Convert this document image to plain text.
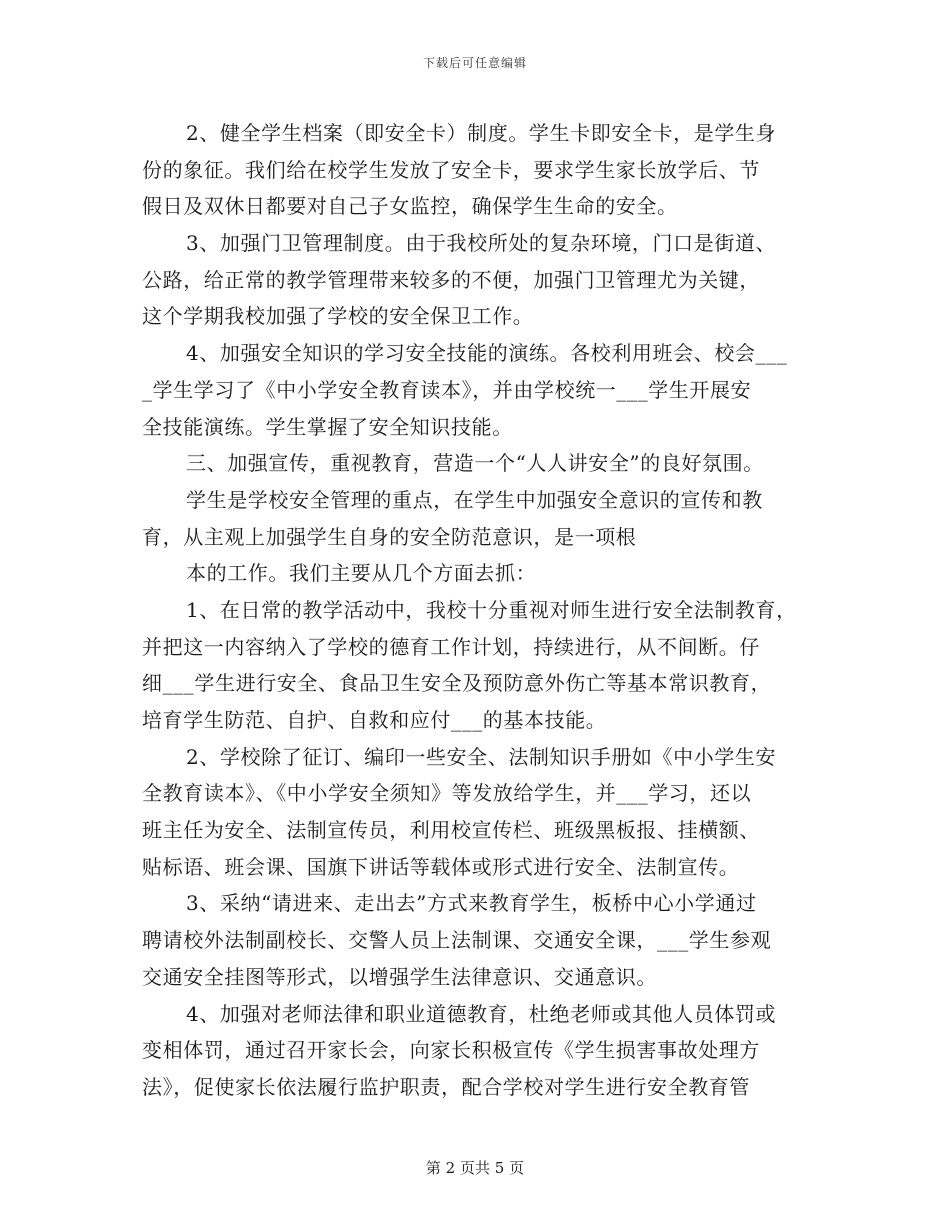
下载后可任意编辑
2、健全学生档案（即安全卡）制度。学生卡即安全卡，是学生身
份的象征。我们给在校学生发放了安全卡，要求学生家长放学后、节
假日及双休日都要对自己子女监控，确保学生生命的安全。
3、加强门卫管理制度。由于我校所处的复杂环境，门口是街道、
公路，给正常的教学管理带来较多的不便，加强门卫管理尤为关键，
这个学期我校加强了学校的安全保卫工作。
4、加强安全知识的学习安全技能的演练。各校利用班会、校会___
_学生学习了《中小学安全教育读本》，并由学校统一___学生开展安
全技能演练。学生掌握了安全知识技能。
三、加强宣传，重视教育，营造一个“人人讲安全”的良好氛围。
学生是学校安全管理的重点，在学生中加强安全意识的宣传和教
育，从主观上加强学生自身的安全防范意识，是一项根
本的工作。我们主要从几个方面去抓：
1、在日常的教学活动中，我校十分重视对师生进行安全法制教育，
并把这一内容纳入了学校的德育工作计划，持续进行，从不间断。仔
细___学生进行安全、食品卫生安全及预防意外伤亡等基本常识教育，
培育学生防范、自护、自救和应付___的基本技能。
2、学校除了征订、编印一些安全、法制知识手册如《中小学生安
全教育读本》、《中小学安全须知》等发放给学生，并___学习，还以
班主任为安全、法制宣传员，利用校宣传栏、班级黑板报、挂横额、
贴标语、班会课、国旗下讲话等载体或形式进行安全、法制宣传。
3、采纳“请进来、走出去”方式来教育学生，板桥中心小学通过
聘请校外法制副校长、交警人员上法制课、交通安全课，___学生参观
交通安全挂图等形式，以增强学生法律意识、交通意识。
4、加强对老师法律和职业道德教育，杜绝老师或其他人员体罚或
变相体罚，通过召开家长会，向家长积极宣传《学生损害事故处理方
法》，促使家长依法履行监护职责，配合学校对学生进行安全教育管
第 2 页共 5 页
